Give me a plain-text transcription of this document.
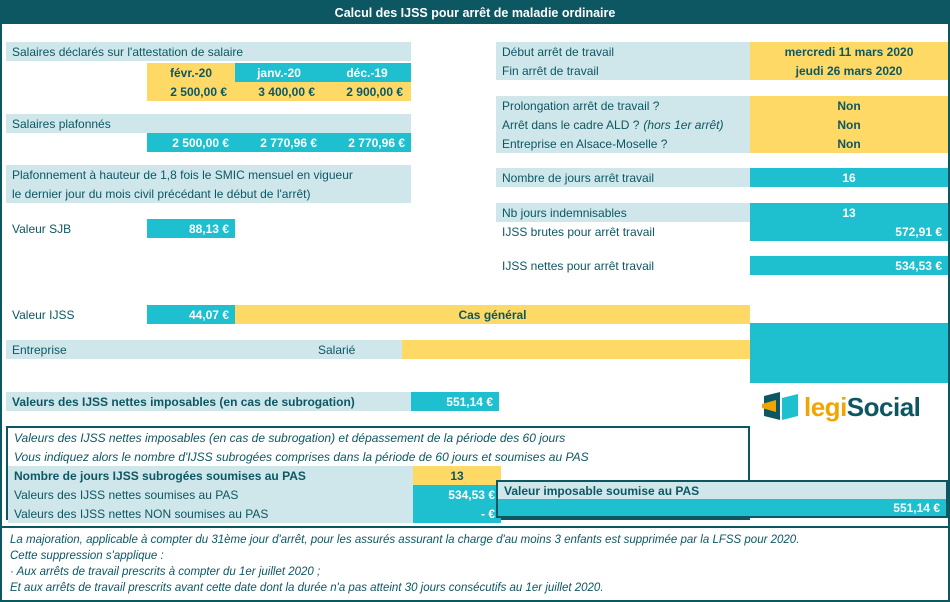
Calcul des IJSS pour arrêt de maladie ordinaire
Salaires déclarés sur l'attestation de salaire
févr.-20	janv.-20	déc.-19
2 500,00 €	3 400,00 €	2 900,00 €
Salaires plafonnés
2 500,00 €	2 770,96 €	2 770,96 €
Plafonnement à hauteur de 1,8 fois le SMIC mensuel en vigueur
le dernier jour du mois civil précédant le début de l'arrêt)
Valeur SJB	88,13 €
Valeur IJSS	44,07 €	Cas général
Entreprise	Salarié
Valeurs des IJSS nettes imposables (en cas de subrogation)	551,14 €
Début arrêt de travail	mercredi 11 mars 2020
Fin arrêt de travail	jeudi 26 mars 2020
Prolongation arrêt de travail ?	Non
Arrêt dans le cadre ALD ? (hors 1er arrêt)	Non
Entreprise en Alsace-Moselle ?	Non
Nombre de jours arrêt travail	16
Nb jours indemnisables	13
IJSS brutes pour arrêt travail	572,91 €
IJSS nettes pour arrêt travail	534,53 €
legiSocial
Valeurs des IJSS nettes imposables (en cas de subrogation) et dépassement de la période des 60 jours
Vous indiquez alors le nombre d'IJSS subrogées comprises dans la période de 60 jours et soumises au PAS
Nombre de jours IJSS subrogées soumises au PAS	13
Valeurs des IJSS nettes soumises au PAS	534,53 €
Valeurs des IJSS nettes NON soumises au PAS	- €
Valeur imposable soumise au PAS
551,14 €
La majoration, applicable à compter du 31ème jour d'arrêt, pour les assurés assurant la charge d'au moins 3 enfants est supprimée par la LFSS pour 2020.
Cette suppression s'applique :
· Aux arrêts de travail prescrits à compter du 1er juillet 2020 ;
Et aux arrêts de travail prescrits avant cette date dont la durée n'a pas atteint 30 jours consécutifs au 1er juillet 2020.
